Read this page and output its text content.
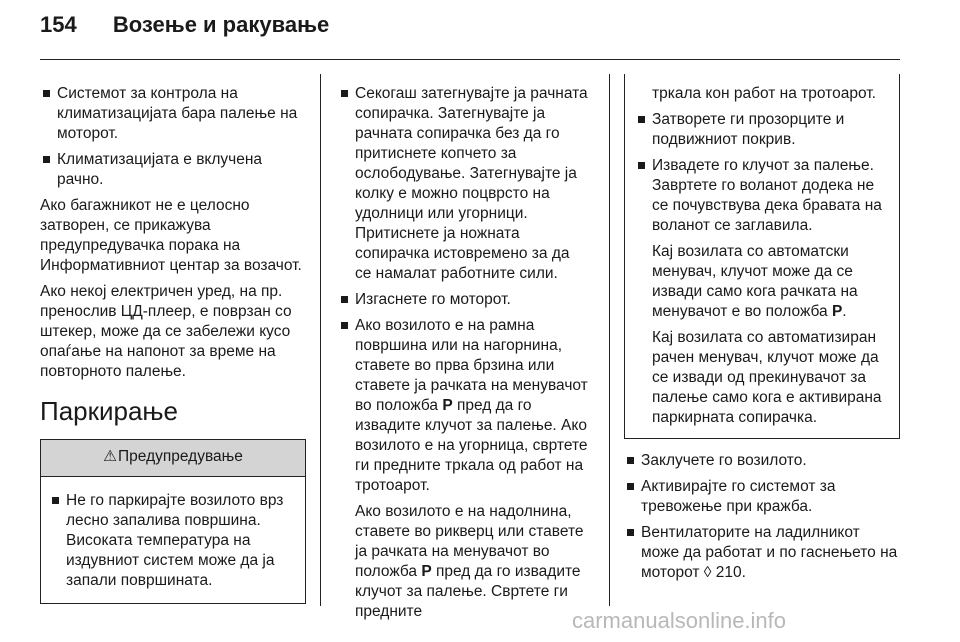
154 Возење и ракување
Системот за контрола на климатизацијата бара палење на моторот.
Климатизацијата е вклучена рачно.

Ако багажникот не е целосно затворен, се прикажува предупредувачка порака на Информативниот центар за возачот.

Ако некој електричен уред, на пр. пренослив ЦД-плеер, е поврзан со штекер, може да се забележи кусо опаѓање на напонот за време на повторното палење.

Паркирање
⚠Предупредување
Не го паркирајте возилото врз лесно запалива површина. Високата температура на издувниот систем може да ја запали површината.
Секогаш затегнувајте ја рачната сопирачка. Затегнувајте ја рачната сопирачка без да го притиснете копчето за ослободување. Затегнувајте ја колку е можно поцврсто на удолници или угорници. Притиснете ја ножната сопирачка истовремено за да се намалат работните сили.
Изгаснете го моторот.

Ако возилото е на рамна површина или на нагорнина, ставете во прва брзина или ставете ја рачката на менувачот во положба P пред да го извадите клучот за палење. Ако возилото е на угорница, свртете ги предните тркала од работ на тротоарот.

Ако возилото е на надолнина, ставете во рикверц или ставете ја рачката на менувачот во положба P пред да го извадите клучот за палење. Свртете ги предните

тркала кон работ на тротоарот.
Затворете ги прозорците и подвижниот покрив.

Извадете го клучот за палење. Завртете го воланот додека не се почувствува дека бравата на воланот се заглавила.

Кај возилата со автоматски менувач, клучот може да се извади само кога рачката на менувачот е во положба P.

Кај возилата со автоматизиран рачен менувач, клучот може да се извади од прекинувачот за палење само кога е активирана паркирната сопирачка.

Заклучете го возилото.
Активирајте го системот за тревожење при кражба.
Вентилаторите на ладилникот може да работат и по гаснењето на моторот ◊ 210.
carmanualsonline.info
